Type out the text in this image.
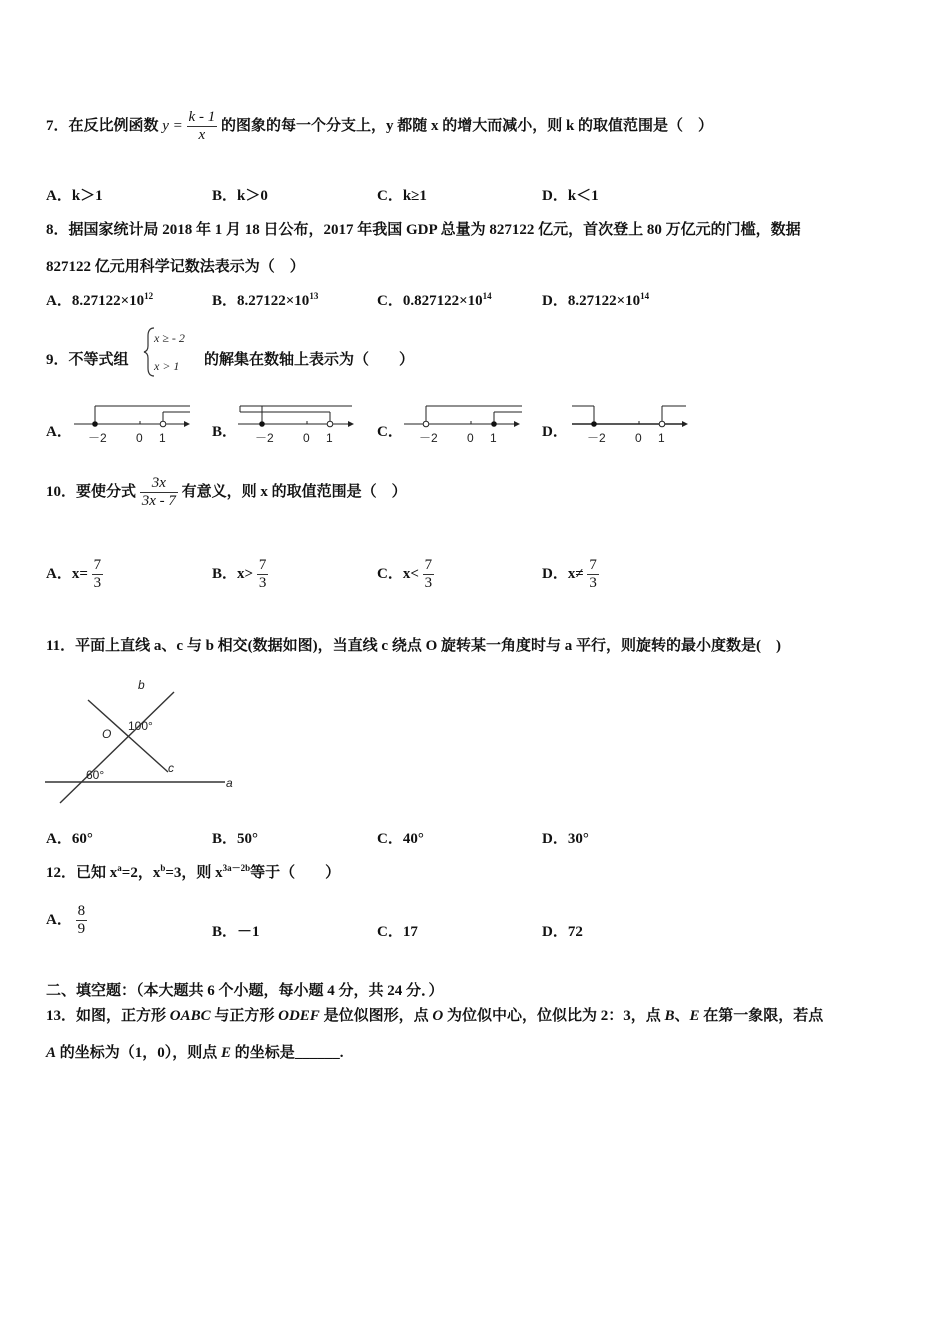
7．在反比例函数 $y = \frac{k - 1}{x}$ 的图象的每一个分支上，y 都随 x 的增大而减小，则 k 的取值范围是（　）
A．k＞1	B．k＞0	C．k≥1	D．k＜1
8．据国家统计局 2018 年 1 月 18 日公布，2017 年我国 GDP 总量为 827122 亿元，首次登上 80 万亿元的门槛，数据
827122 亿元用科学记数法表示为（　）
A．$8.27122\times 10^{12}$	B．$8.27122\times 10^{13}$	C．$0.827122\times 10^{14}$	D．$8.27122\times 10^{14}$
9．不等式组
x ≥ - 2
x > 1 的解集在数轴上表示为（　　）
A．	B．	C．	D．
－2 0 1	－2 0 1	－2 0 1	－2 0 1
10．要使分式 $\frac{3x}{3x - 7}$ 有意义，则 x 的取值范围是（　）
A．$x= \frac{7}{3}$	B．$x> \frac{7}{3}$	C．$x< \frac{7}{3}$	D．$x\ne \frac{7}{3}$
11．平面上直线 a、c 与 b 相交(数据如图)，当直线 c 绕点 O 旋转某一角度时与 a 平行，则旋转的最小度数是(　)
b
O
100°
c
60°
a
A．60°	B．50°	C．40°	D．30°
12．已知 $x^a=2$，$x^b=3$，则 $x^{3a-2b}$等于（　　）
A． $\frac{8}{9}$	B．－1	C．17	D．72
二、填空题：（本大题共 6 个小题，每小题 4 分，共 24 分．）
13．如图，正方形 OABC 与正方形 ODEF 是位似图形，点 O 为位似中心，位似比为 2：3，点 B、E 在第一象限，若点
A 的坐标为（1，0），则点 E 的坐标是______.
